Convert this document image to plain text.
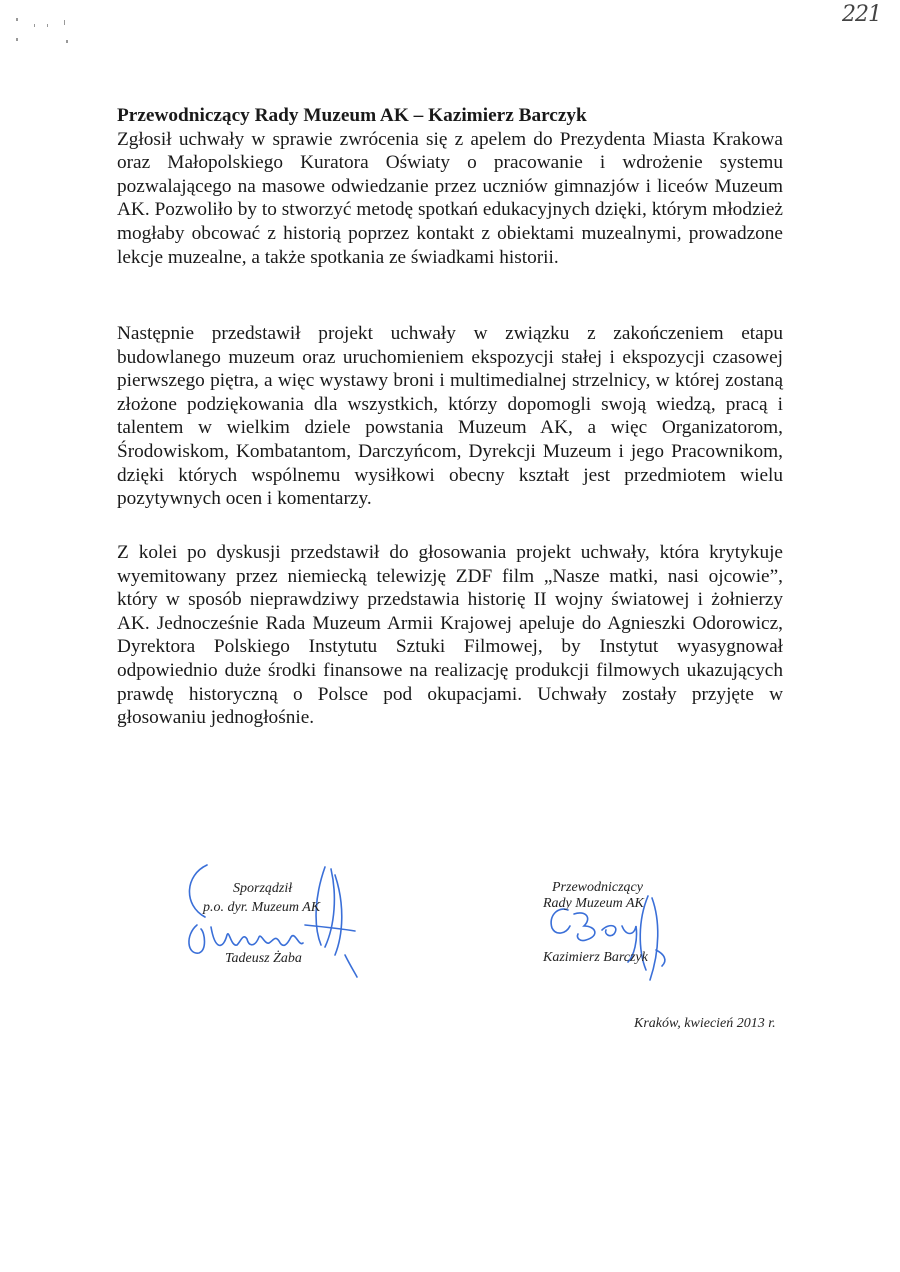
221
Przewodniczący Rady Muzeum AK – Kazimierz Barczyk

Zgłosił uchwały w sprawie zwrócenia się z apelem do Prezydenta Miasta Krakowa oraz Małopolskiego Kuratora Oświaty o pracowanie i wdrożenie systemu pozwalającego na masowe odwiedzanie przez uczniów gimnazjów i liceów Muzeum AK. Pozwoliło by to stworzyć metodę spotkań edukacyjnych dzięki, którym młodzież mogłaby obcować z historią poprzez kontakt z obiektami muzealnymi, prowadzone lekcje muzealne, a także spotkania ze świadkami historii.

Następnie przedstawił projekt uchwały w związku z zakończeniem etapu budowlanego muzeum oraz uruchomieniem ekspozycji stałej i ekspozycji czasowej pierwszego piętra, a więc wystawy broni i multimedialnej strzelnicy, w której zostaną złożone podziękowania dla wszystkich, którzy dopomogli swoją wiedzą, pracą i talentem w wielkim dziele powstania Muzeum AK, a więc Organizatorom, Środowiskom, Kombatantom, Darczyńcom, Dyrekcji Muzeum i jego Pracownikom, dzięki których wspólnemu wysiłkowi obecny kształt jest przedmiotem wielu pozytywnych ocen i komentarzy.

Z kolei po dyskusji przedstawił do głosowania projekt uchwały, która krytykuje wyemitowany przez niemiecką telewizję ZDF film „Nasze matki, nasi ojcowie”, który w sposób nieprawdziwy przedstawia historię II wojny światowej i żołnierzy AK. Jednocześnie Rada Muzeum Armii Krajowej apeluje do Agnieszki Odorowicz, Dyrektora Polskiego Instytutu Sztuki Filmowej, by Instytut wyasygnował odpowiednio duże środki finansowe na realizację produkcji filmowych ukazujących prawdę historyczną o Polsce pod okupacjami. Uchwały zostały przyjęte w głosowaniu jednogłośnie.

Sporządził
p.o. dyr. Muzeum AK
Tadeusz Żaba
Przewodniczący
Rady Muzeum AK
Kazimierz Barczyk
Kraków, kwiecień 2013 r.
